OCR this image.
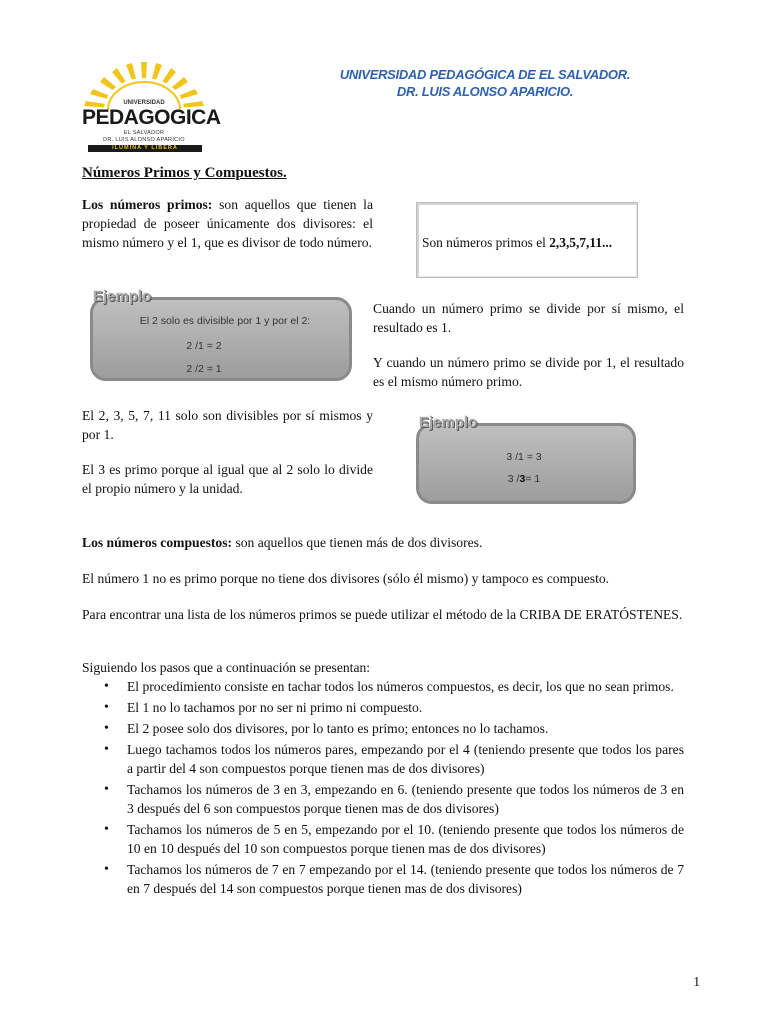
UNIVERSIDAD
PEDAGOGICA
EL SALVADOR
DR. LUIS ALONSO APARICIO
ILUMINA Y LIBERA
UNIVERSIDAD PEDAGÓGICA DE EL SALVADOR.
DR. LUIS ALONSO APARICIO.
Números Primos y Compuestos.
Los números primos: son aquellos que tienen la propiedad de poseer únicamente dos divisores: el mismo número y el 1, que es divisor de todo número.	Son números primos el 2,3,5,7,11...
El 2 solo es divisible por 1 y por el 2:
2 /1 = 2
2 /2 = 1
Ejemplo
Cuando un número primo se divide por sí mismo, el resultado es 1.
Y cuando un número primo se divide por 1, el resultado es el mismo número primo.
El 2, 3, 5, 7, 11 solo son divisibles por sí mismos y por 1.
El 3 es primo porque al igual que al 2 solo lo divide el propio número y la unidad.
3 /1 = 3
3 /3= 1
Ejemplo
Los números compuestos: son aquellos que tienen más de dos divisores.
El número 1 no es primo porque no tiene dos divisores (sólo él mismo) y tampoco es compuesto.
Para encontrar una lista de los números primos se puede utilizar el método de la CRIBA DE ERATÓSTENES.
Siguiendo los pasos que a continuación se presentan:
• El procedimiento consiste en tachar todos los números compuestos, es decir, los que no sean primos.
• El 1 no lo tachamos por no ser ni primo ni compuesto.
• El 2 posee solo dos divisores, por lo tanto es primo; entonces no lo tachamos.
• Luego tachamos todos los números pares, empezando por el 4 (teniendo presente que todos los pares a partir del 4 son compuestos porque tienen mas de dos divisores)
• Tachamos los números de 3 en 3, empezando en 6. (teniendo presente que todos los números de 3 en 3 después del 6 son compuestos porque tienen mas de dos divisores)
• Tachamos los números de 5 en 5, empezando por el 10. (teniendo presente que todos los números de 10 en 10 después del 10 son compuestos porque tienen mas de dos divisores)
• Tachamos los números de 7 en 7 empezando por el 14. (teniendo presente que todos los números de 7 en 7 después del 14 son compuestos porque tienen mas de dos divisores)
1
